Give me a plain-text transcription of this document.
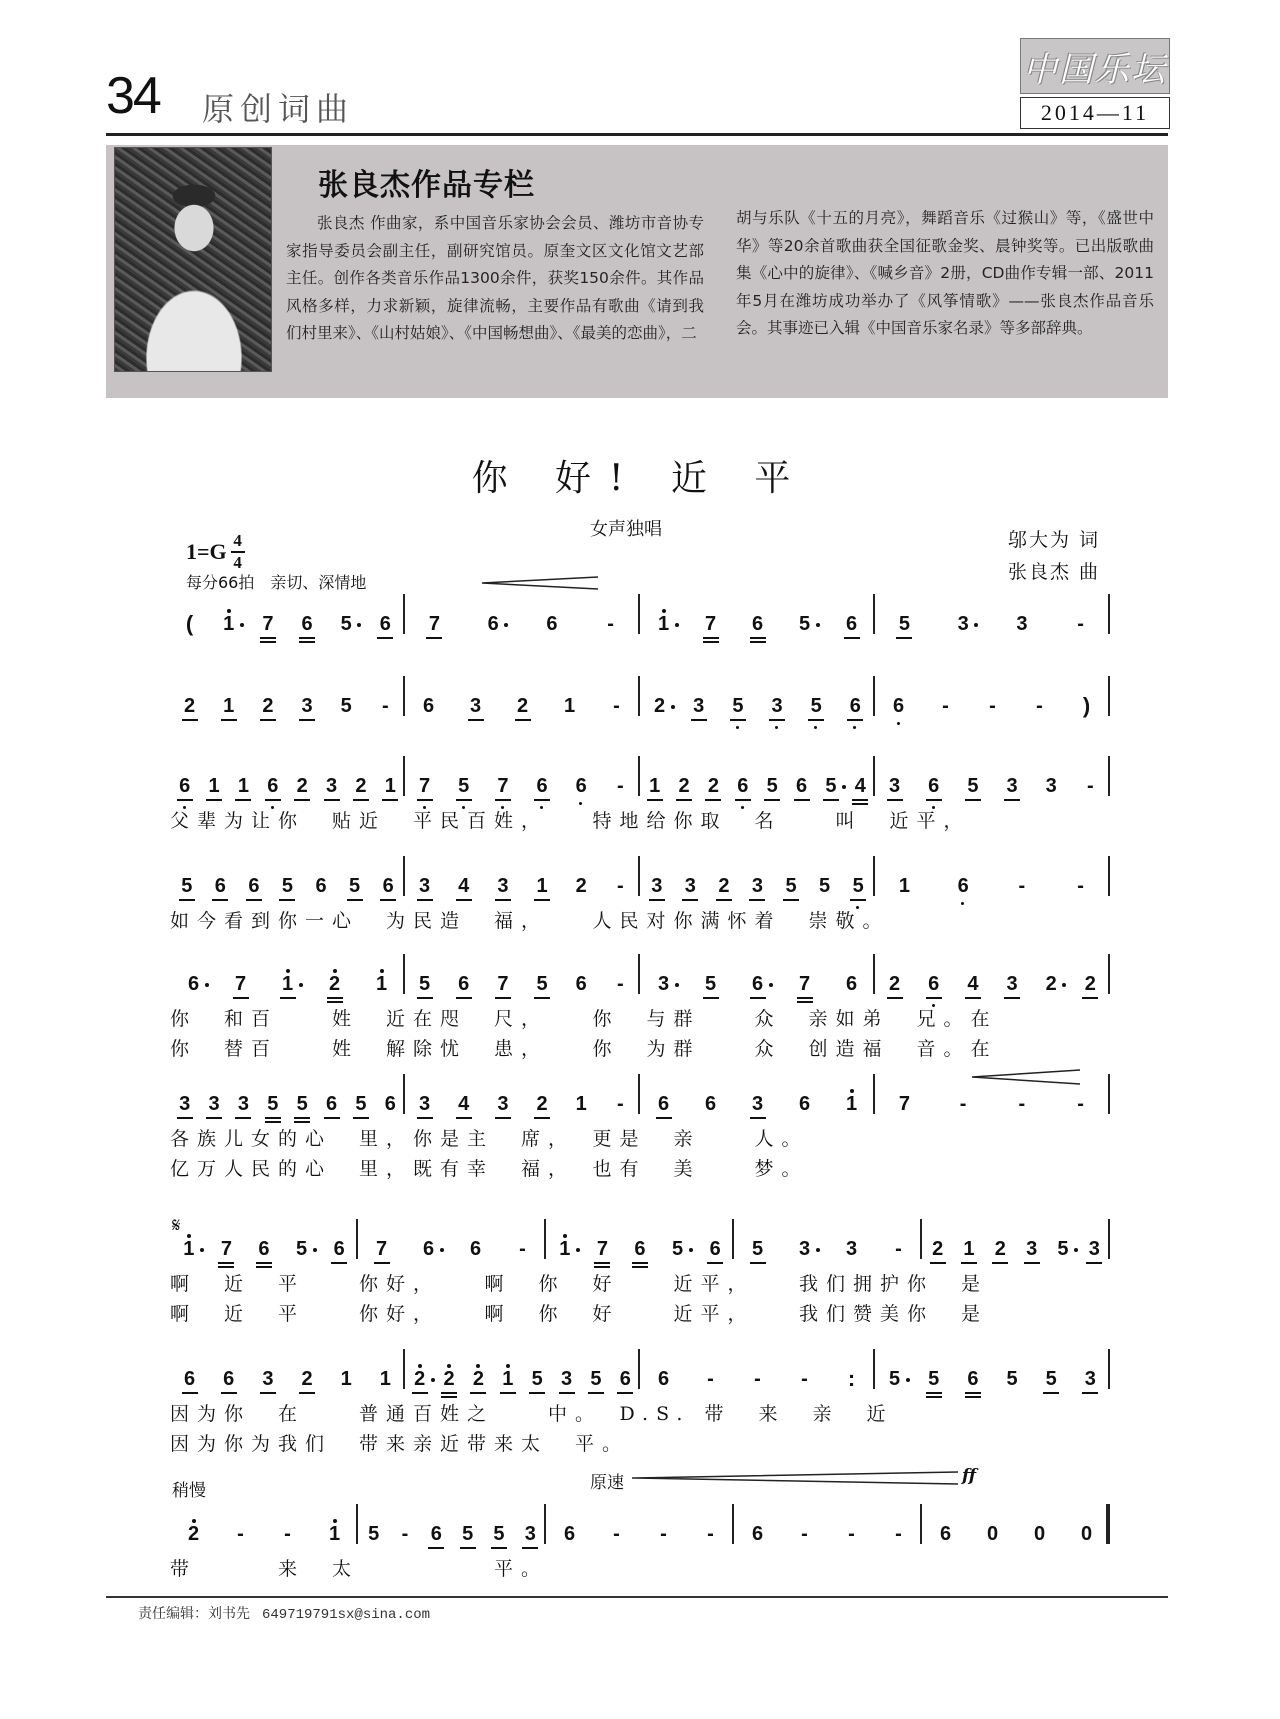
34 原创词曲
中国乐坛
2014—11
张良杰作品专栏

张良杰 作曲家，系中国音乐家协会会员、潍坊市音协专家指导委员会副主任，副研究馆员。原奎文区文化馆文艺部主任。创作各类音乐作品1300余件，获奖150余件。其作品风格多样，力求新颖，旋律流畅，主要作品有歌曲《请到我们村里来》、《山村姑娘》、《中国畅想曲》、《最美的恋曲》，二

胡与乐队《十五的月亮》，舞蹈音乐《过猴山》等，《盛世中华》等20余首歌曲获全国征歌金奖、晨钟奖等。已出版歌曲集《心中的旋律》、《喊乡音》2册，CD曲作专辑一部、2011年5月在潍坊成功举办了《风筝情歌》——张良杰作品音乐会。其事迹已入辑《中国音乐家名录》等多部辞典。

你 好! 近 平
女声独唱
$1=G \frac{4}{4}$
每分66拍　亲切、深情地
邬大为 词
张良杰 曲
(	1 7 6 5 6 7 6 6	-	1 7 6 5 6 5 3 3	-
2 1 2 3 5	-	6 3 2 1	-	2 3 5 3 5 6 6	-	-	-	)
6 1 1 6 2 3 2 1 7 5 7 6 6	-	1 2 2 6 5 6 5 4 3 6 5 3 3	-
父辈为让你　贴近　平民百姓，　　特地给你取　名　　叫　近平，
5 6 6 5 6 5 6 3 4 3 1 2	-	3 3 2 3 5 5 5 1 6	-	-
如今看到你一心　为民造　福，　　人民对你满怀着　崇敬。
6 7 1 2 1 5 6 7 5 6	-	3 5 6 7 6 2 6 4 3 2 2
你　和百　　姓　近在咫　尺，　　你　与群　　众　亲如弟　兄。在
你　替百　　姓　解除忧　患，　　你　为群　　众　创造福　音。在
3 3 3 5 5 6 5 6 3 4 3 2 1	-	6 6 3 6 1 7	-	-	-
各族儿女的心　里，你是主　席，　更是　亲　　人。
亿万人民的心　里，既有幸　福，　也有　美　　梦。
1 7 6 5 6 7 6 6	-	1 7 6 5 6 5 3 3	-	2 1 2 3 5 3
啊　近　平　　你好，　　啊　你　好　　近平，　　我们拥护你　是
啊　近　平　　你好，　　啊　你　好　　近平，　　我们赞美你　是
6 6 3 2 1 1 2 2 2 1 5 3 5 6 6	-	-	-	:	5 5 6 5 5 3
因为你　在　　普通百姓之　　中。　D.S. 带　来　亲　近
因为你为我们　带来亲近带来太　平。
2	-	-	1 5	-	6 5 5 3 6	-	-	-	6	-	-	-	6 0 0 0
带　　　来　太　　　　　平。
𝄋
稍慢	原速	ff
责任编辑：刘书先 649719791sx@sina.com
